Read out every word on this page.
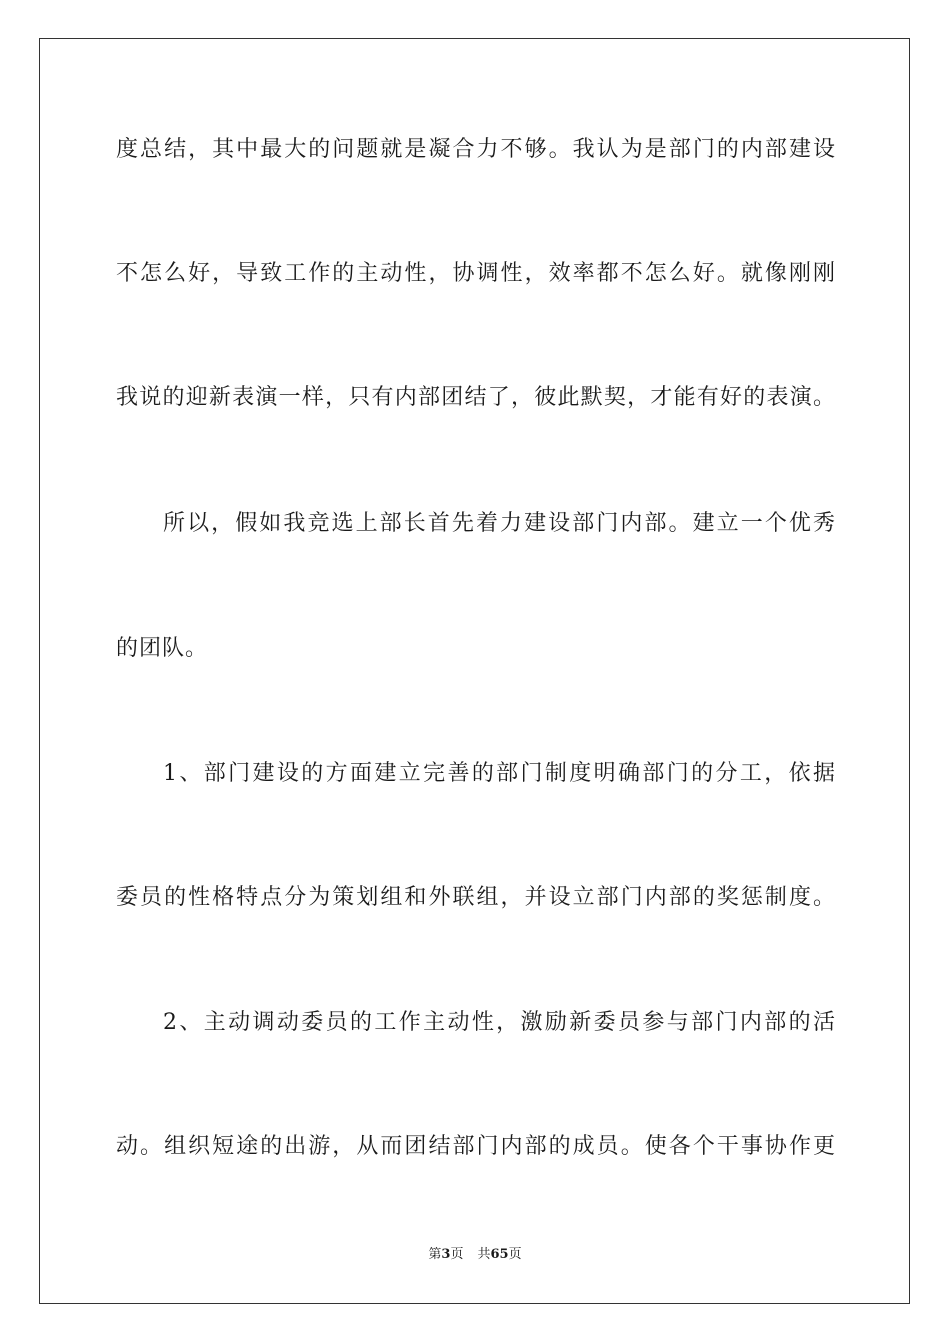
度总结，其中最大的问题就是凝合力不够。我认为是部门的内部建设
不怎么好，导致工作的主动性，协调性，效率都不怎么好。就像刚刚
我说的迎新表演一样，只有内部团结了，彼此默契，才能有好的表演。
所以，假如我竞选上部长首先着力建设部门内部。建立一个优秀
的团队。
1、部门建设的方面建立完善的部门制度明确部门的分工，依据
委员的性格特点分为策划组和外联组，并设立部门内部的奖惩制度。
2、主动调动委员的工作主动性，激励新委员参与部门内部的活
动。组织短途的出游，从而团结部门内部的成员。使各个干事协作更
第3页 共65页
